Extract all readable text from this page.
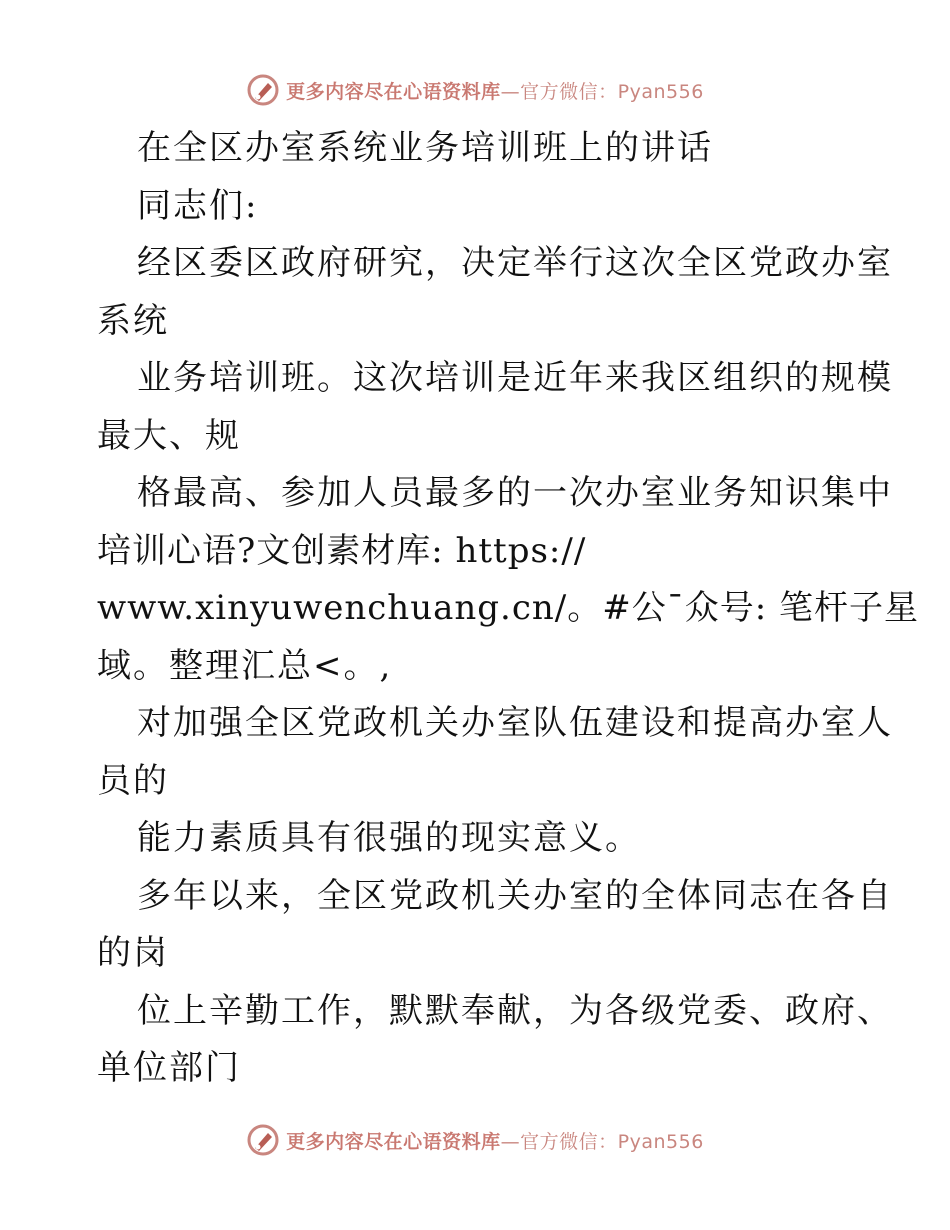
更多内容尽在心语资料库—官方微信：Pyan556
在全区办室系统业务培训班上的讲话
同志们:
经区委区政府研究，决定举行这次全区党政办室
系统
业务培训班。这次培训是近年来我区组织的规模
最大、规
格最高、参加人员最多的一次办室业务知识集中
培训心语?文创素材库: https://
www.xinyuwenchuang.cn/。#公¯众号: 笔杆子星
域。整理汇总<。,
对加强全区党政机关办室队伍建设和提高办室人
员的
能力素质具有很强的现实意义。
多年以来，全区党政机关办室的全体同志在各自
的岗
位上辛勤工作，默默奉献，为各级党委、政府、
单位部门
更多内容尽在心语资料库—官方微信：Pyan556
